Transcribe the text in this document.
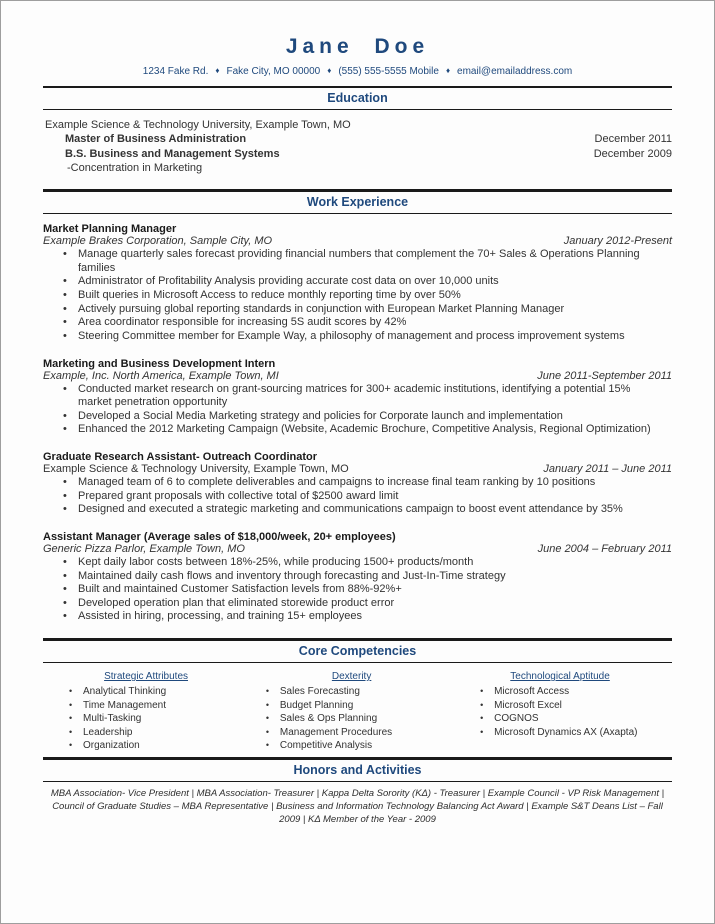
Jane Doe
1234 Fake Rd. ♦ Fake City, MO 00000 ♦ (555) 555-5555 Mobile ♦ email@emailaddress.com
Education
Example Science & Technology University, Example Town, MO
Master of Business Administration	December 2011
B.S. Business and Management Systems	December 2009
-Concentration in Marketing
Work Experience
Market Planning Manager
Example Brakes Corporation, Sample City, MO	January 2012-Present
• Manage quarterly sales forecast providing financial numbers that complement the 70+ Sales & Operations Planning families
• Administrator of Profitability Analysis providing accurate cost data on over 10,000 units
• Built queries in Microsoft Access to reduce monthly reporting time by over 50%
• Actively pursuing global reporting standards in conjunction with European Market Planning Manager
• Area coordinator responsible for increasing 5S audit scores by 42%
• Steering Committee member for Example Way, a philosophy of management and process improvement systems
Marketing and Business Development Intern
Example, Inc. North America, Example Town, MI	June 2011-September 2011
• Conducted market research on grant-sourcing matrices for 300+ academic institutions, identifying a potential 15% market penetration opportunity
• Developed a Social Media Marketing strategy and policies for Corporate launch and implementation
• Enhanced the 2012 Marketing Campaign (Website, Academic Brochure, Competitive Analysis, Regional Optimization)
Graduate Research Assistant- Outreach Coordinator
Example Science & Technology University, Example Town, MO	January 2011 – June 2011
• Managed team of 6 to complete deliverables and campaigns to increase final team ranking by 10 positions
• Prepared grant proposals with collective total of $2500 award limit
• Designed and executed a strategic marketing and communications campaign to boost event attendance by 35%
Assistant Manager (Average sales of $18,000/week, 20+ employees)
Generic Pizza Parlor, Example Town, MO	June 2004 – February 2011
• Kept daily labor costs between 18%-25%, while producing 1500+ products/month
• Maintained daily cash flows and inventory through forecasting and Just-In-Time strategy
• Built and maintained Customer Satisfaction levels from 88%-92%+
• Developed operation plan that eliminated storewide product error
• Assisted in hiring, processing, and training 15+ employees
Core Competencies
Strategic Attributes
• Analytical Thinking
• Time Management
• Multi-Tasking
• Leadership
• Organization
Dexterity
• Sales Forecasting
• Budget Planning
• Sales & Ops Planning
• Management Procedures
• Competitive Analysis
Technological Aptitude
• Microsoft Access
• Microsoft Excel
• COGNOS
• Microsoft Dynamics AX (Axapta)
Honors and Activities
MBA Association- Vice President | MBA Association- Treasurer | Kappa Delta Sorority (KΔ) - Treasurer | Example Council - VP Risk Management | Council of Graduate Studies – MBA Representative | Business and Information Technology Balancing Act Award | Example S&T Deans List – Fall 2009 | KΔ Member of the Year - 2009
